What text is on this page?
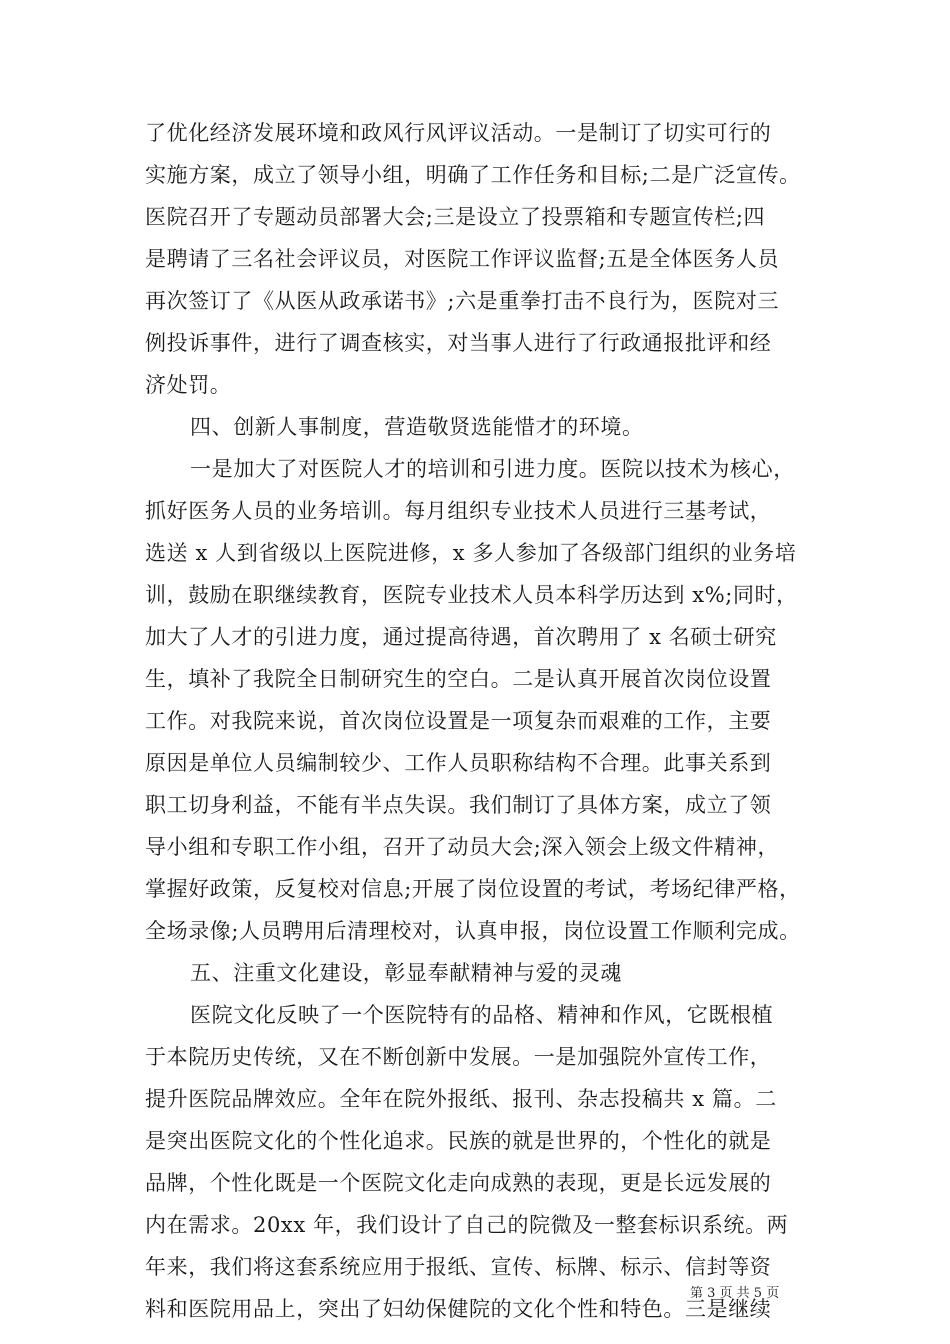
了优化经济发展环境和政风行风评议活动。一是制订了切实可行的
实施方案，成立了领导小组，明确了工作任务和目标;二是广泛宣传。
医院召开了专题动员部署大会;三是设立了投票箱和专题宣传栏;四
是聘请了三名社会评议员，对医院工作评议监督;五是全体医务人员
再次签订了《从医从政承诺书》;六是重拳打击不良行为，医院对三
例投诉事件，进行了调查核实，对当事人进行了行政通报批评和经
济处罚。
四、创新人事制度，营造敬贤选能惜才的环境。
一是加大了对医院人才的培训和引进力度。医院以技术为核心，
抓好医务人员的业务培训。每月组织专业技术人员进行三基考试，
选送 x 人到省级以上医院进修，x 多人参加了各级部门组织的业务培
训，鼓励在职继续教育，医院专业技术人员本科学历达到 x%;同时，
加大了人才的引进力度，通过提高待遇，首次聘用了 x 名硕士研究
生，填补了我院全日制研究生的空白。二是认真开展首次岗位设置
工作。对我院来说，首次岗位设置是一项复杂而艰难的工作，主要
原因是单位人员编制较少、工作人员职称结构不合理。此事关系到
职工切身利益，不能有半点失误。我们制订了具体方案，成立了领
导小组和专职工作小组，召开了动员大会;深入领会上级文件精神，
掌握好政策，反复校对信息;开展了岗位设置的考试，考场纪律严格，
全场录像;人员聘用后清理校对，认真申报，岗位设置工作顺利完成。
五、注重文化建设，彰显奉献精神与爱的灵魂
医院文化反映了一个医院特有的品格、精神和作风，它既根植
于本院历史传统，又在不断创新中发展。一是加强院外宣传工作，
提升医院品牌效应。全年在院外报纸、报刊、杂志投稿共 x 篇。二
是突出医院文化的个性化追求。民族的就是世界的，个性化的就是
品牌，个性化既是一个医院文化走向成熟的表现，更是长远发展的
内在需求。20xx 年，我们设计了自己的院微及一整套标识系统。两
年来，我们将这套系统应用于报纸、宣传、标牌、标示、信封等资
料和医院用品上，突出了妇幼保健院的文化个性和特色。三是继续
第 3 页 共 5 页
